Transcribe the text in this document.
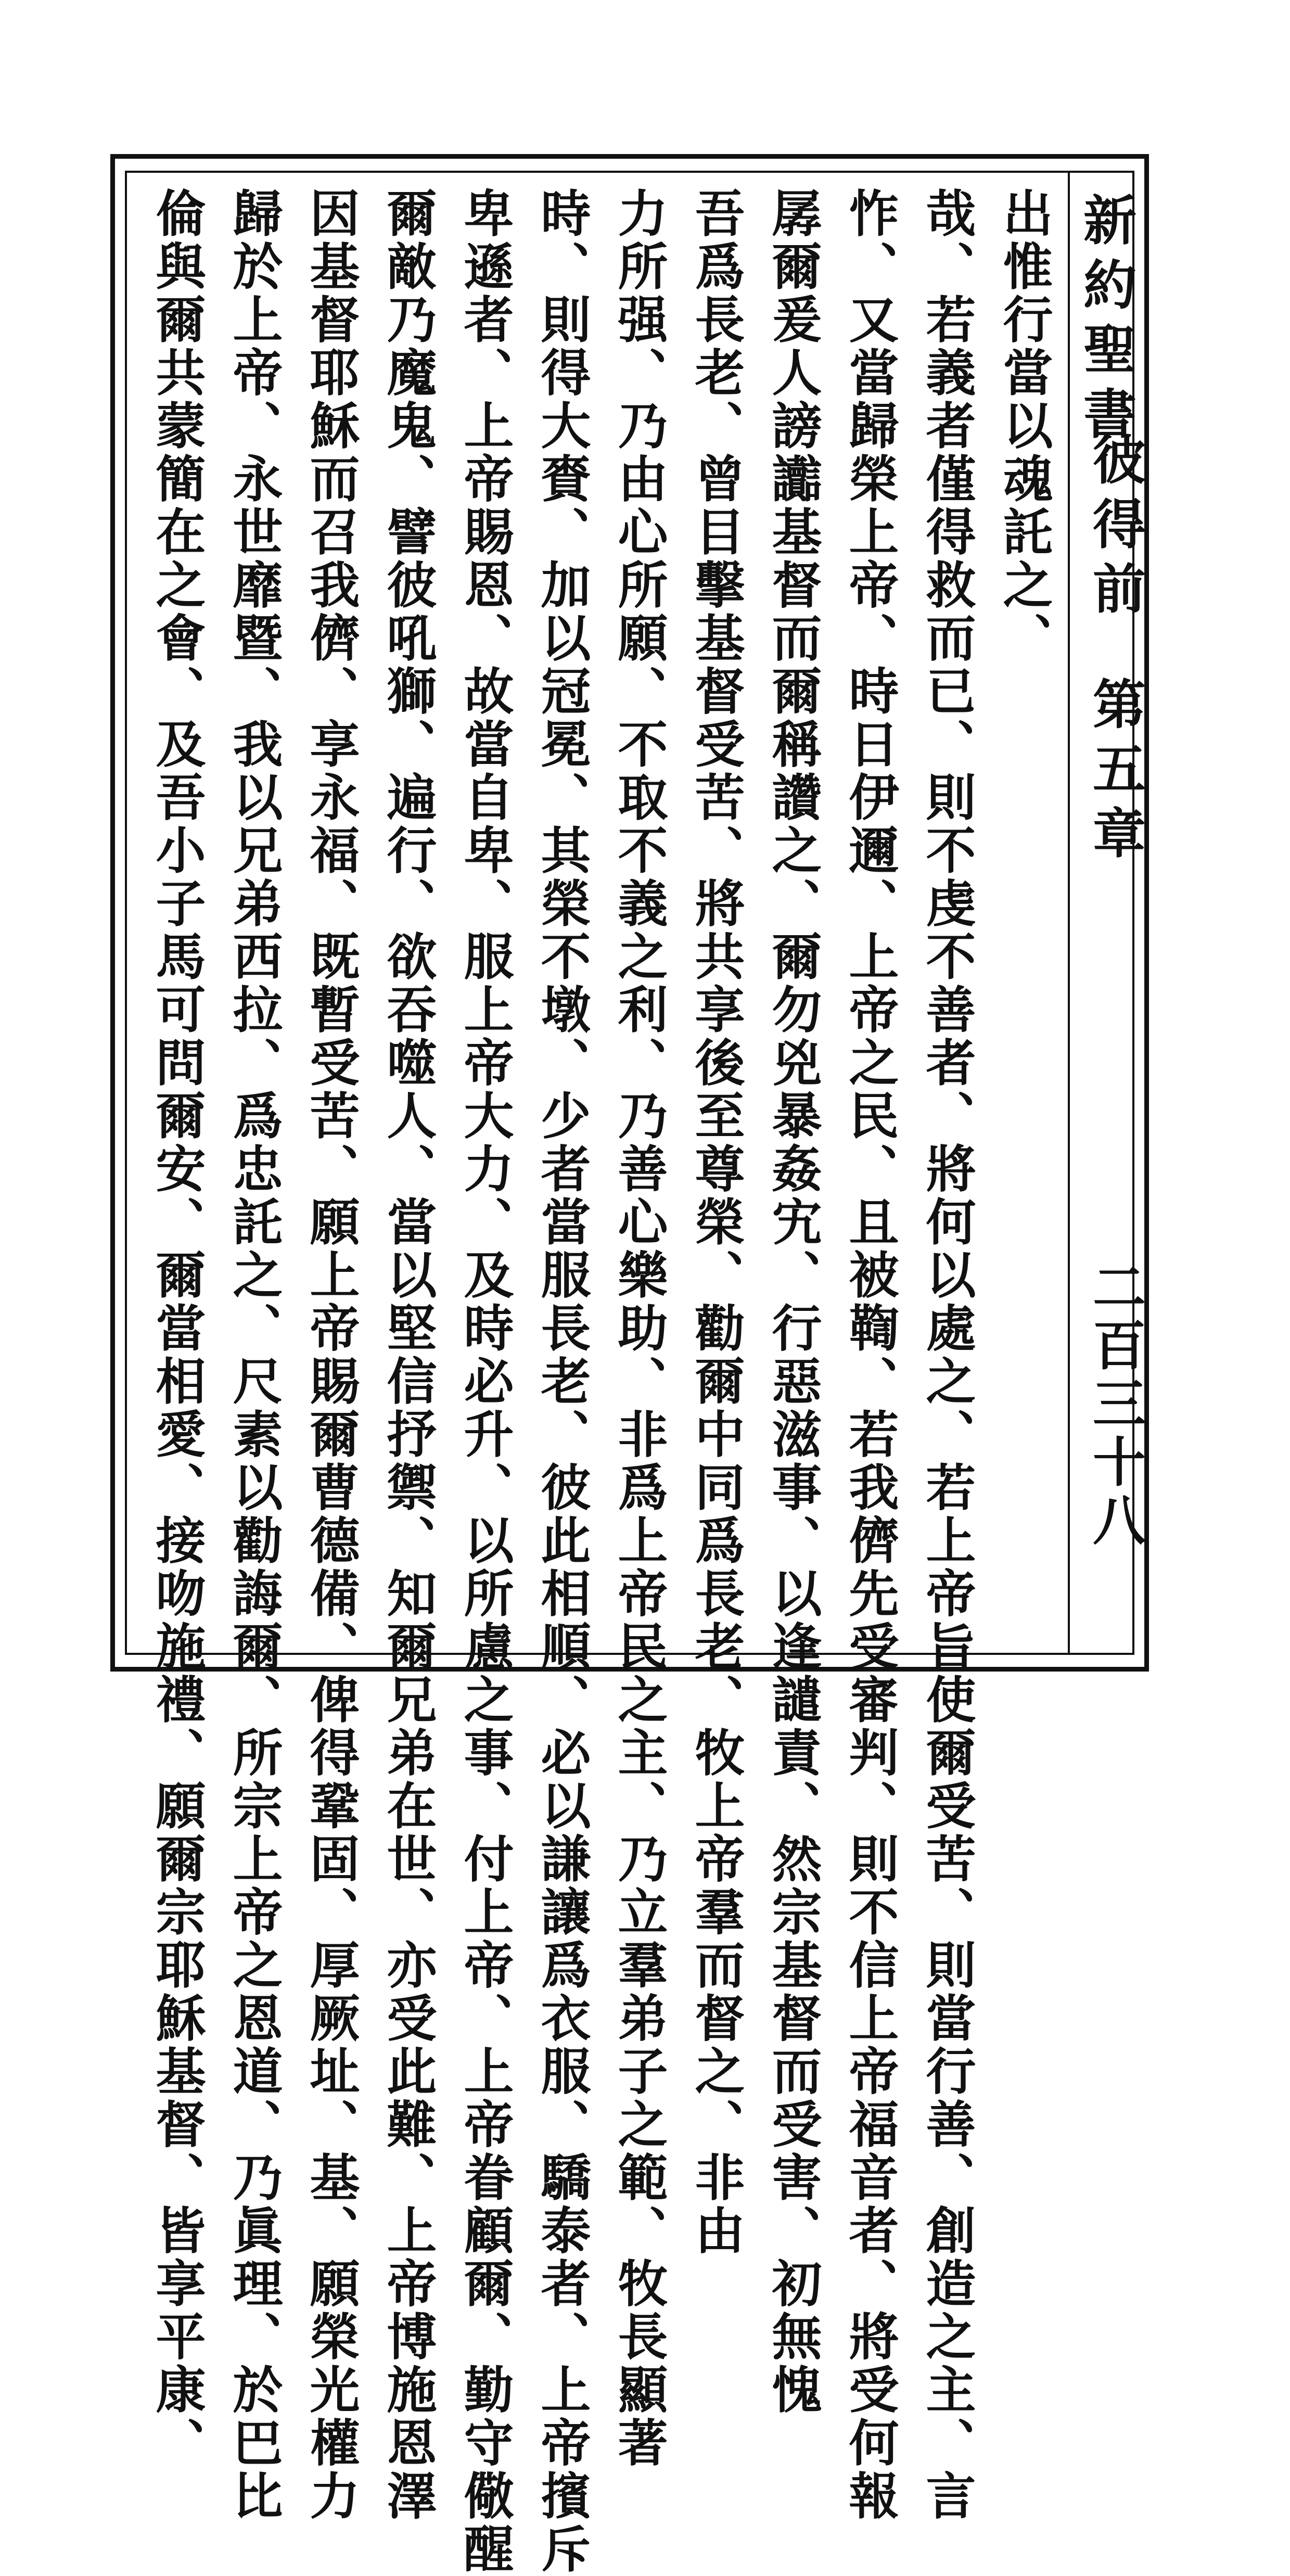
新約聖書
彼得前
第五章
二百三十八
出惟行當以魂託之、
哉、若義者僅得救而已、則不虔不善者、將何以處之、若上帝旨使爾受苦、則當行善、創造之主、言
怍、又當歸榮上帝、時日伊邇、上帝之民、且被鞫、若我儕先受審判、則不信上帝福音者、將受何報
孱爾爰人謗讟基督而爾稱讚之、爾勿兇暴姦宄、行惡滋事、以逢譴責、然宗基督而受害、初無愧
吾爲長老、曾目擊基督受苦、將共享後至尊榮、勸爾中同爲長老、牧上帝羣而督之、非由
力所强、乃由心所願、不取不義之利、乃善心樂助、非爲上帝民之主、乃立羣弟子之範、牧長顯著
時、則得大賚、加以冠冕、其榮不墩、少者當服長老、彼此相順、必以謙讓爲衣服、驕泰者、上帝擯斥
卑遜者、上帝賜恩、故當自卑、服上帝大力、及時必升、以所慮之事、付上帝、上帝眷顧爾、勤守儆醒
爾敵乃魔鬼、譬彼吼獅、遍行、欲吞噬人、當以堅信抒禦、知爾兄弟在世、亦受此難、上帝博施恩澤
因基督耶穌而召我儕、享永福、既暫受苦、願上帝賜爾曹德備、俾得鞏固、厚厥址、基、願榮光權力
歸於上帝、永世靡暨、我以兄弟西拉、爲忠託之、尺素以勸誨爾、所宗上帝之恩道、乃眞理、於巴比
倫與爾共蒙簡在之會、及吾小子馬可問爾安、爾當相愛、接吻施禮、願爾宗耶穌基督、皆享平康、
